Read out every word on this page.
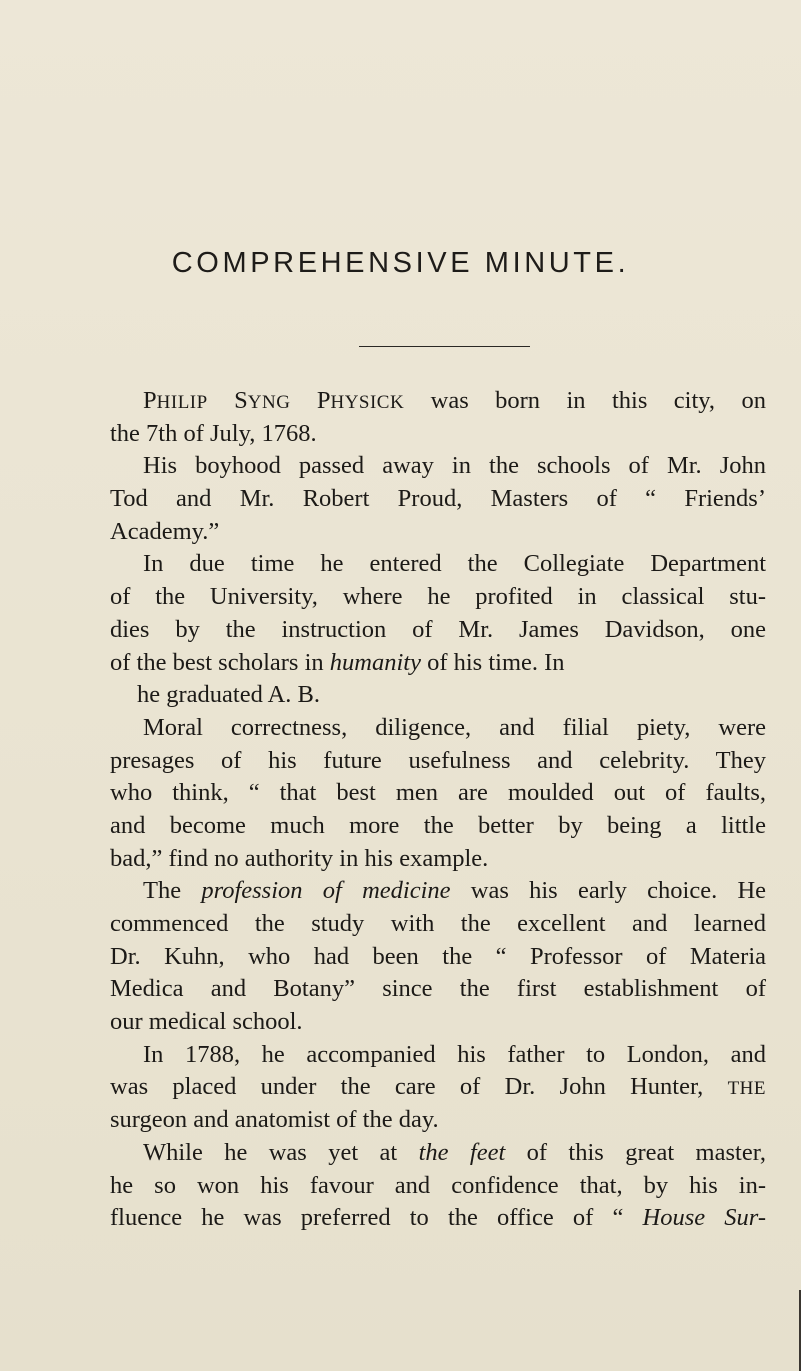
COMPREHENSIVE MINUTE.
PHILIP SYNG PHYSICK was born in this city, on
the 7th of July, 1768.
His boyhood passed away in the schools of Mr. John
Tod and Mr. Robert Proud, Masters of “ Friends’
Academy.”
In due time he entered the Collegiate Department
of the University, where he profited in classical stu-
dies by the instruction of Mr. James Davidson, one
of the best scholars in humanity of his time. In
he graduated A. B.
Moral correctness, diligence, and filial piety, were
presages of his future usefulness and celebrity. They
who think, “ that best men are moulded out of faults,
and become much more the better by being a little
bad,” find no authority in his example.
The profession of medicine was his early choice. He
commenced the study with the excellent and learned
Dr. Kuhn, who had been the “ Professor of Materia
Medica and Botany” since the first establishment of
our medical school.
In 1788, he accompanied his father to London, and
was placed under the care of Dr. John Hunter, THE
surgeon and anatomist of the day.
While he was yet at the feet of this great master,
he so won his favour and confidence that, by his in-
fluence he was preferred to the office of “ House Sur-
